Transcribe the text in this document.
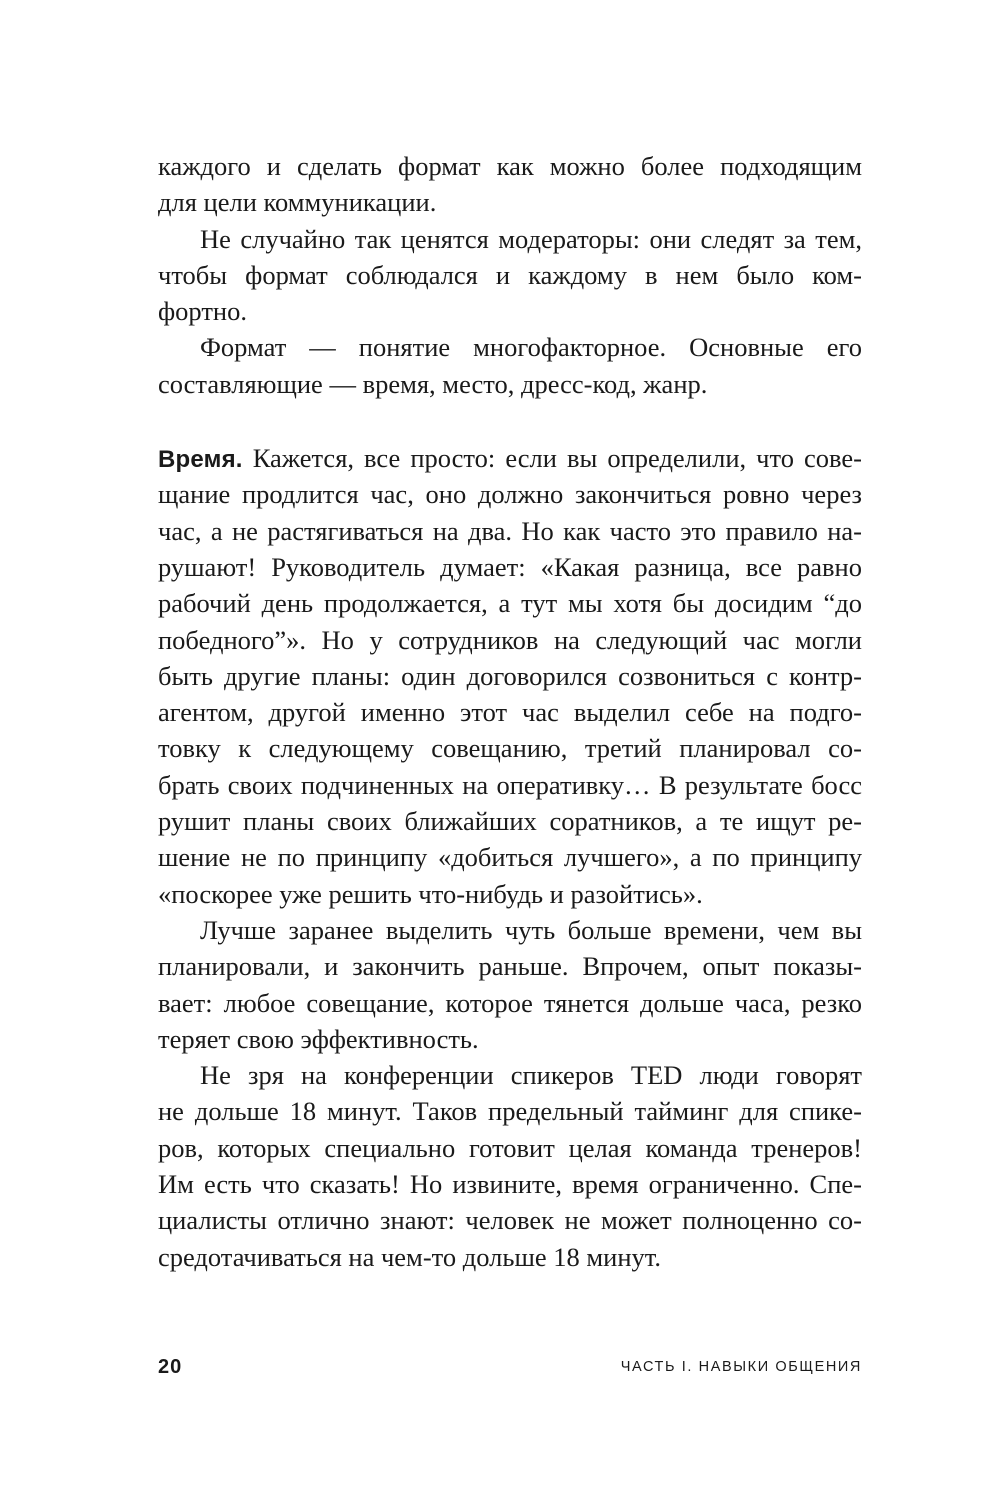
каждого и сделать формат как можно более подходящим
для цели коммуникации.
Не случайно так ценятся модераторы: они следят за тем,
чтобы формат соблюдался и каждому в нем было ком-
фортно.
Формат — понятие многофакторное. Основные его
составляющие — время, место, дресс-код, жанр.
Время. Кажется, все просто: если вы определили, что сове-
щание продлится час, оно должно закончиться ровно через
час, а не растягиваться на два. Но как часто это правило на-
рушают! Руководитель думает: «Какая разница, все равно
рабочий день продолжается, а тут мы хотя бы досидим “до
победного”». Но у сотрудников на следующий час могли
быть другие планы: один договорился созвониться с контр-
агентом, другой именно этот час выделил себе на подго-
товку к следующему совещанию, третий планировал со-
брать своих подчиненных на оперативку… В результате босс
рушит планы своих ближайших соратников, а те ищут ре-
шение не по принципу «добиться лучшего», а по принципу
«поскорее уже решить что-нибудь и разойтись».
Лучше заранее выделить чуть больше времени, чем вы
планировали, и закончить раньше. Впрочем, опыт показы-
вает: любое совещание, которое тянется дольше часа, резко
теряет свою эффективность.
Не зря на конференции спикеров TED люди говорят
не дольше 18 минут. Таков предельный тайминг для спике-
ров, которых специально готовит целая команда тренеров!
Им есть что сказать! Но извините, время ограниченно. Спе-
циалисты отлично знают: человек не может полноценно со-
средотачиваться на чем-то дольше 18 минут.
20	ЧАСТЬ I. НАВЫКИ ОБЩЕНИЯ
